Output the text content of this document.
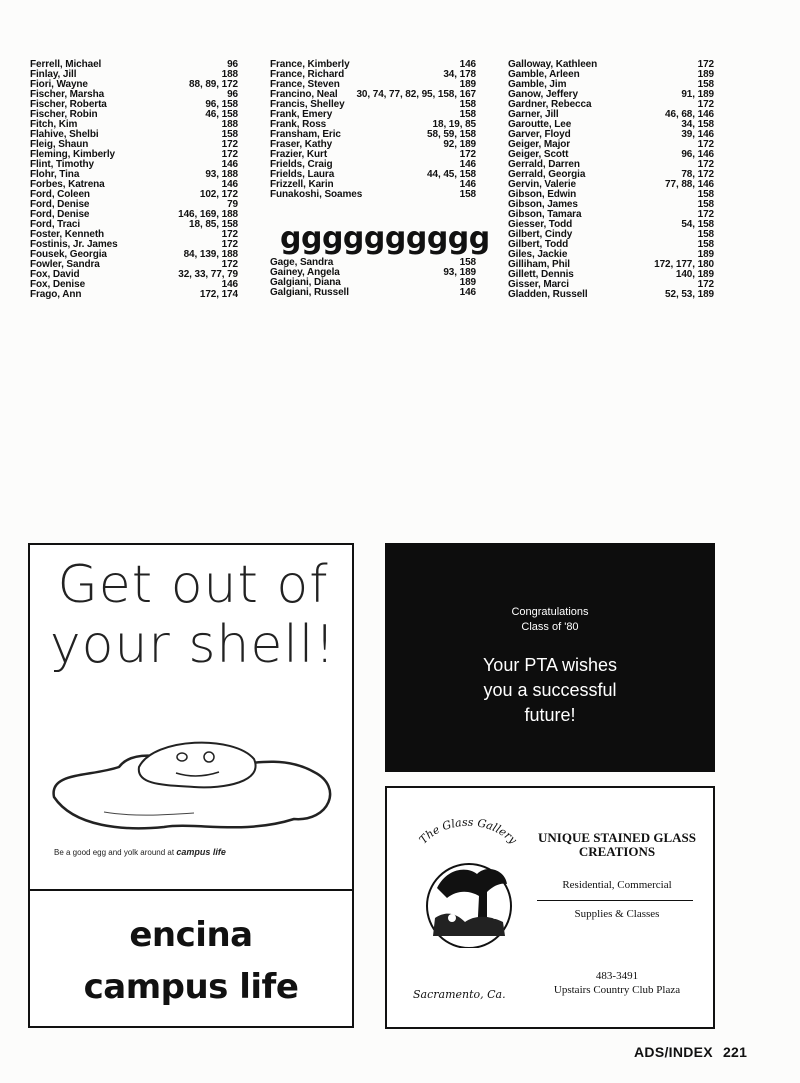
Ferrell, Michael	96
Finlay, Jill	188
Fiori, Wayne	88, 89, 172
Fischer, Marsha	96
Fischer, Roberta	96, 158
Fischer, Robin	46, 158
Fitch, Kim	188
Flahive, Shelbi	158
Fleig, Shaun	172
Fleming, Kimberly	172
Flint, Timothy	146
Flohr, Tina	93, 188
Forbes, Katrena	146
Ford, Coleen	102, 172
Ford, Denise	79
Ford, Denise	146, 169, 188
Ford, Traci	18, 85, 158
Foster, Kenneth	172
Fostinis, Jr. James	172
Fousek, Georgia	84, 139, 188
Fowler, Sandra	172
Fox, David	32, 33, 77, 79
Fox, Denise	146
Frago, Ann	172, 174
France, Kimberly	146
France, Richard	34, 178
France, Steven	189
Francino, Neal 30, 74, 77, 82, 95, 158, 167
Francis, Shelley	158
Frank, Emery	158
Frank, Ross	18, 19, 85
Fransham, Eric	58, 59, 158
Fraser, Kathy	92, 189
Frazier, Kurt	172
Frields, Craig	146
Frields, Laura	44, 45, 158
Frizzell, Karin	146
Funakoshi, Soames	158
gggggggggg
Gage, Sandra	158
Gainey, Angela	93, 189
Galgiani, Diana	189
Galgiani, Russell	146
Galloway, Kathleen	172
Gamble, Arleen	189
Gamble, Jim	158
Ganow, Jeffery	91, 189
Gardner, Rebecca	172
Garner, Jill	46, 68, 146
Garoutte, Lee	34, 158
Garver, Floyd	39, 146
Geiger, Major	172
Geiger, Scott	96, 146
Gerrald, Darren	172
Gerrald, Georgia	78, 172
Gervin, Valerie	77, 88, 146
Gibson, Edwin	158
Gibson, James	158
Gibson, Tamara	172
Giesser, Todd	54, 158
Gilbert, Cindy	158
Gilbert, Todd	158
Giles, Jackie	189
Gilliham, Phil	172, 177, 180
Gillett, Dennis	140, 189
Gisser, Marci	172
Gladden, Russell	52, 53, 189
Get out of
your shell!
Be a good egg and yolk around at campus life
encina
campus life
Congratulations
Class of '80
Your PTA wishes
you a successful
future!
The Glass Gallery
Sacramento, Ca.
UNIQUE STAINED GLASS
CREATIONS
Residential, Commercial
Supplies & Classes
483-3491
Upstairs Country Club Plaza
ADS/INDEX 221
